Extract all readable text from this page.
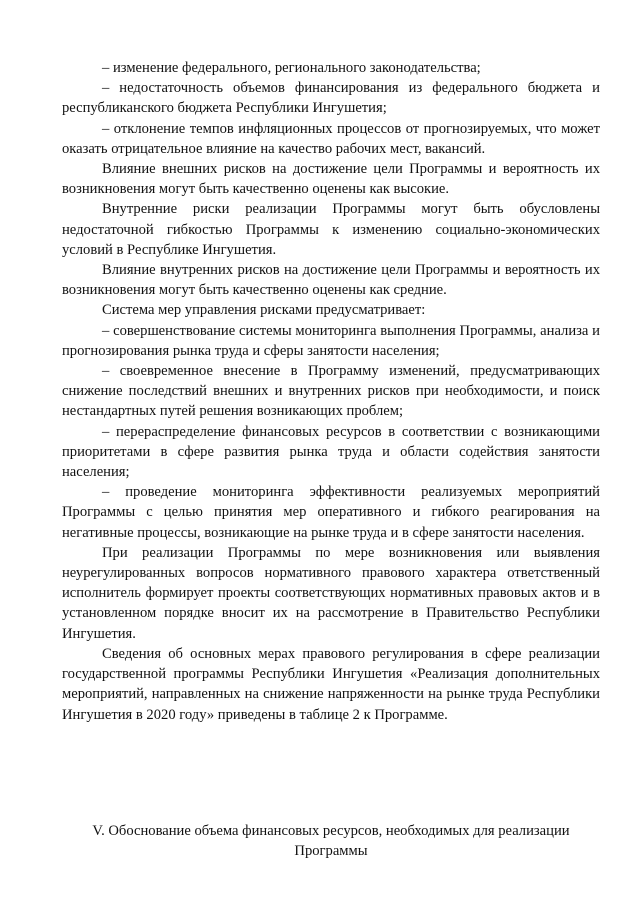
– изменение федерального, регионального законодательства;

– недостаточность объемов финансирования из федерального бюджета и республиканского бюджета Республики Ингушетия;

– отклонение темпов инфляционных процессов от прогнозируемых, что может оказать отрицательное влияние на качество рабочих мест, вакансий.

Влияние внешних рисков на достижение цели Программы и вероятность их возникновения могут быть качественно оценены как высокие.

Внутренние риски реализации Программы могут быть обусловлены недостаточной гибкостью Программы к изменению социально-экономических условий в Республике Ингушетия.

Влияние внутренних рисков на достижение цели Программы и вероятность их возникновения могут быть качественно оценены как средние.

Система мер управления рисками предусматривает:

– совершенствование системы мониторинга выполнения Программы, анализа и прогнозирования рынка труда и сферы занятости населения;

– своевременное внесение в Программу изменений, предусматривающих снижение последствий внешних и внутренних рисков при необходимости, и поиск нестандартных путей решения возникающих проблем;

– перераспределение финансовых ресурсов в соответствии с возникающими приоритетами в сфере развития рынка труда и области содействия занятости населения;

– проведение мониторинга эффективности реализуемых мероприятий Программы с целью принятия мер оперативного и гибкого реагирования на негативные процессы, возникающие на рынке труда и в сфере занятости населения.

При реализации Программы по мере возникновения или выявления неурегулированных вопросов нормативного правового характера ответственный исполнитель формирует проекты соответствующих нормативных правовых актов и в установленном порядке вносит их на рассмотрение в Правительство Республики Ингушетия.

Сведения об основных мерах правового регулирования в сфере реализации государственной программы Республики Ингушетия «Реализация дополнительных мероприятий, направленных на снижение напряженности на рынке труда Республики Ингушетия в 2020 году» приведены в таблице 2 к Программе.

V. Обоснование объема финансовых ресурсов, необходимых для реализации
Программы
